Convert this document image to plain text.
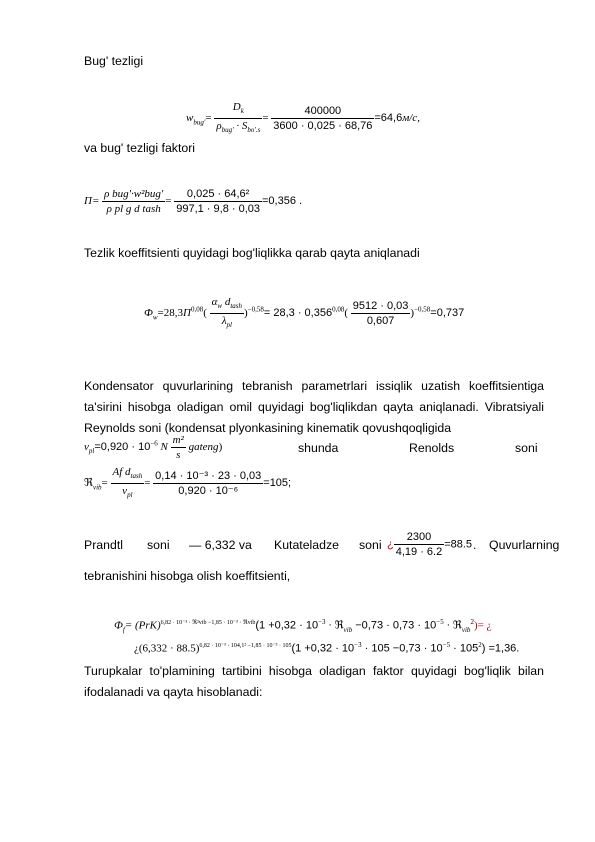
Bug' tezligi
$w_{bug'}= \frac{D_k}{\rho_{bug'} \cdot S_{bo'.s}} = \frac{400000}{3600 \cdot 0,025 \cdot 68,76} =64,6м/с$,
va bug' tezligi faktori
$П= \frac{\text{ρ bug'·w²bug'}}{\text{ρ pl g d tash}} = \frac{\text{0,025 · 64,6²}}{997,1 \cdot 9,8 \cdot 0,03} =0,356$ .
Tezlik koeffitsienti quyidagi bog'liqlikka qarab qayta aniqlanadi
$Ф_w=28,3П^{0,08}( \frac{\alpha_w d_{tash}}{\lambda_{pl}} )^{-0,58}= 28,3 \cdot 0,356^{0,08}( \frac{9512 \cdot 0,03}{0,607} )^{-0,58}=0,737$
Kondensator quvurlarining tebranish parametrlari issiqlik uzatish koeffitsientiga ta'sirini hisobga oladigan omil quyidagi bog'liqlikdan qayta aniqlanadi. Vibratsiyali Reynolds soni (kondensat plyonkasining kinematik qovushqoqligida
$\nu_{pl}=0,920 \cdot 10^{-6}$ N $\frac{\text{m²}}{s}$ gateng)	shunda	Renolds	soni
ℜ$_{vib}$= $\frac{Af d_{tash}}{\nu_{pl}} = \frac{\text{0,14 · 10⁻³ · 23 · 0,03}}{\text{0,920 · 10⁻⁶}} =105$;
Prandtl soni — 6,332 va Kutateladze soni ¿ $\frac{2300}{4,19 \cdot 6.2} =88.5$ . Quvurlarning
tebranishini hisobga olish koeffitsienti,
$Ф_f= (PrK)^{6,82 \cdot 10^{-3} \cdot ℜ^2vib -1,85 \cdot 10^{-3} \cdot ℜvib}(1 +0,32 \cdot 10^{-3}$ · ℜ$_{vib}$ $-0,73 \cdot 0,73 \cdot 10^{-5}$ · ℜ$_{vib}^2$)= ¿
¿$(6,332 \cdot 88.5)^{6,82 \cdot 10^{-3} \cdot 104,1^2 -1,85 \cdot 10^{-3} \cdot 105}(1 +0,32 \cdot 10^{-3} \cdot 105 -0,73 \cdot 10^{-5} \cdot 105^2) =1,36$.
Turupkalar to'plamining tartibini hisobga oladigan faktor quyidagi bog'liqlik bilan ifodalanadi va qayta hisoblanadi:
